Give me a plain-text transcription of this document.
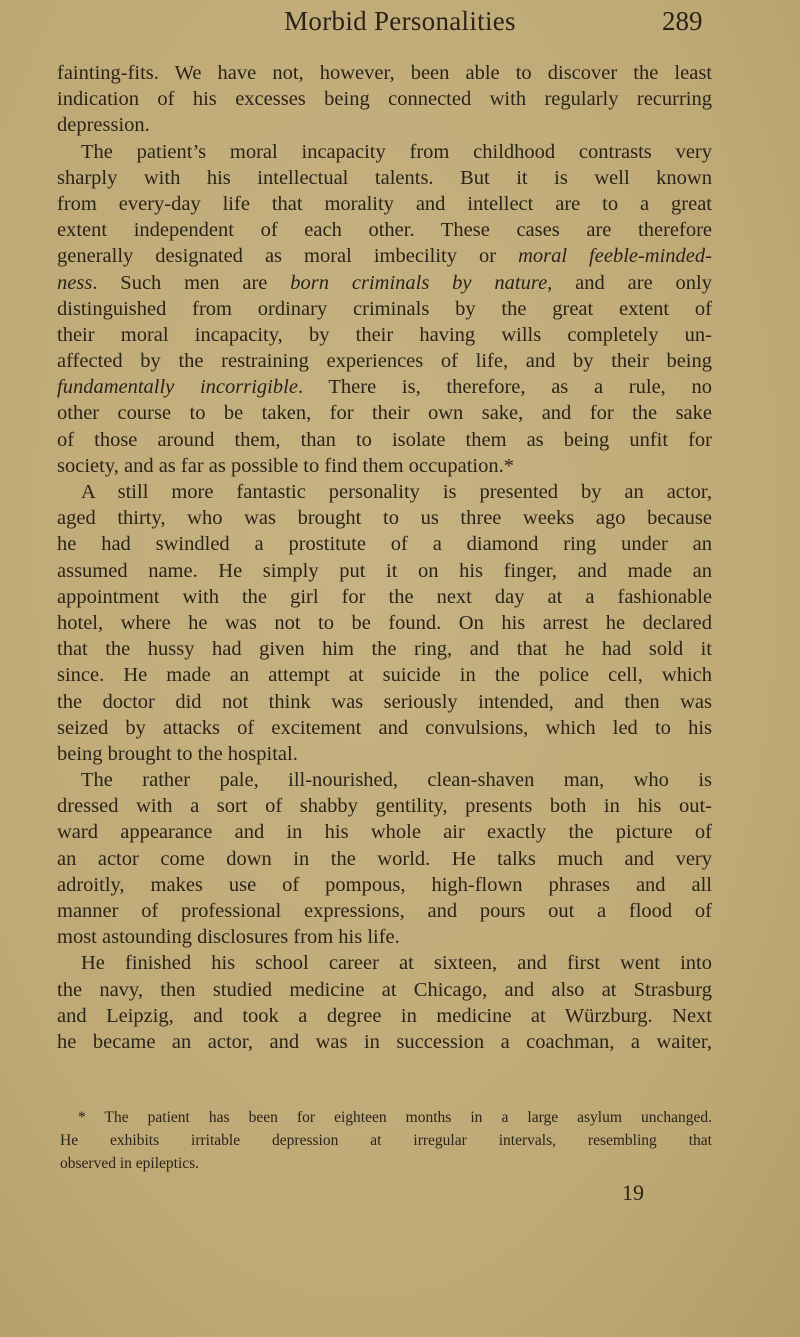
Morbid Personalities	289
fainting-fits. We have not, however, been able to discover the least
indication of his excesses being connected with regularly recurring
depression.
The patient’s moral incapacity from childhood contrasts very
sharply with his intellectual talents. But it is well known
from every-day life that morality and intellect are to a great
extent independent of each other. These cases are therefore
generally designated as moral imbecility or moral feeble-minded-
ness. Such men are born criminals by nature, and are only
distinguished from ordinary criminals by the great extent of
their moral incapacity, by their having wills completely un-
affected by the restraining experiences of life, and by their being
fundamentally incorrigible. There is, therefore, as a rule, no
other course to be taken, for their own sake, and for the sake
of those around them, than to isolate them as being unfit for
society, and as far as possible to find them occupation.*
A still more fantastic personality is presented by an actor,
aged thirty, who was brought to us three weeks ago because
he had swindled a prostitute of a diamond ring under an
assumed name. He simply put it on his finger, and made an
appointment with the girl for the next day at a fashionable
hotel, where he was not to be found. On his arrest he declared
that the hussy had given him the ring, and that he had sold it
since. He made an attempt at suicide in the police cell, which
the doctor did not think was seriously intended, and then was
seized by attacks of excitement and convulsions, which led to his
being brought to the hospital.
The rather pale, ill-nourished, clean-shaven man, who is
dressed with a sort of shabby gentility, presents both in his out-
ward appearance and in his whole air exactly the picture of
an actor come down in the world. He talks much and very
adroitly, makes use of pompous, high-flown phrases and all
manner of professional expressions, and pours out a flood of
most astounding disclosures from his life.
He finished his school career at sixteen, and first went into
the navy, then studied medicine at Chicago, and also at Strasburg
and Leipzig, and took a degree in medicine at Würzburg. Next
he became an actor, and was in succession a coachman, a waiter,
* The patient has been for eighteen months in a large asylum unchanged.
He exhibits irritable depression at irregular intervals, resembling that
observed in epileptics.
19
